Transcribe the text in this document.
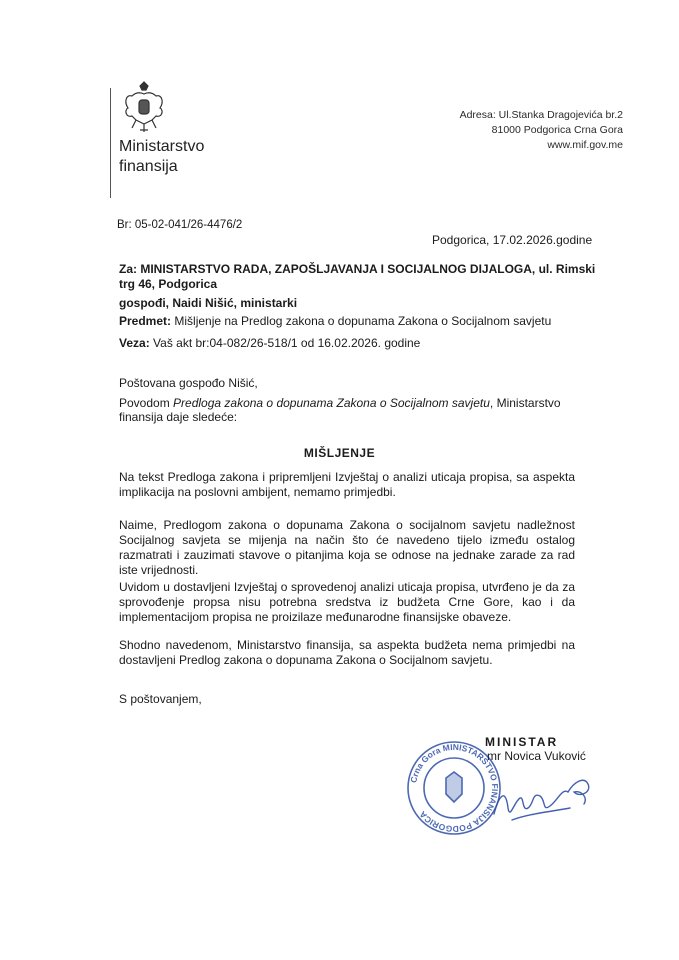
Ministarstvo
finansija
Adresa: Ul.Stanka Dragojevića br.2
81000 Podgorica Crna Gora
www.mif.gov.me
Br: 05-02-041/26-4476/2
Podgorica, 17.02.2026.godine
Za: MINISTARSTVO RADA, ZAPOŠLJAVANJA I SOCIJALNOG DIJALOGA, ul. Rimski trg 46, Podgorica
gospođi, Naidi Nišić, ministarki
Predmet: Mišljenje na Predlog zakona o dopunama Zakona o Socijalnom savjetu
Veza: Vaš akt br:04-082/26-518/1 od 16.02.2026. godine
Poštovana gospođo Nišić,
Povodom Predloga zakona o dopunama Zakona o Socijalnom savjetu, Ministarstvo finansija daje sledeće:
MIŠLJENJE
Na tekst Predloga zakona i pripremljeni Izvještaj o analizi uticaja propisa, sa aspekta implikacija na poslovni ambijent, nemamo primjedbi.
Naime, Predlogom zakona o dopunama Zakona o socijalnom savjetu nadležnost Socijalnog savjeta se mijenja na način što će navedeno tijelo između ostalog razmatrati i zauzimati stavove o pitanjima koja se odnose na jednake zarade za rad iste vrijednosti.
Uvidom u dostavljeni Izvještaj o sprovedenoj analizi uticaja propisa, utvrđeno je da za sprovođenje propsa nisu potrebna sredstva iz budžeta Crne Gore, kao i da implementacijom propisa ne proizilaze međunarodne finansijske obaveze.
Shodno navedenom, Ministarstvo finansija, sa aspekta budžeta nema primjedbi na dostavljeni Predlog zakona o dopunama Zakona o Socijalnom savjetu.
S poštovanjem,
Crna Gora MINISTARSTVO FINANSIJA PODGORICA
MINISTAR
mr Novica Vuković
